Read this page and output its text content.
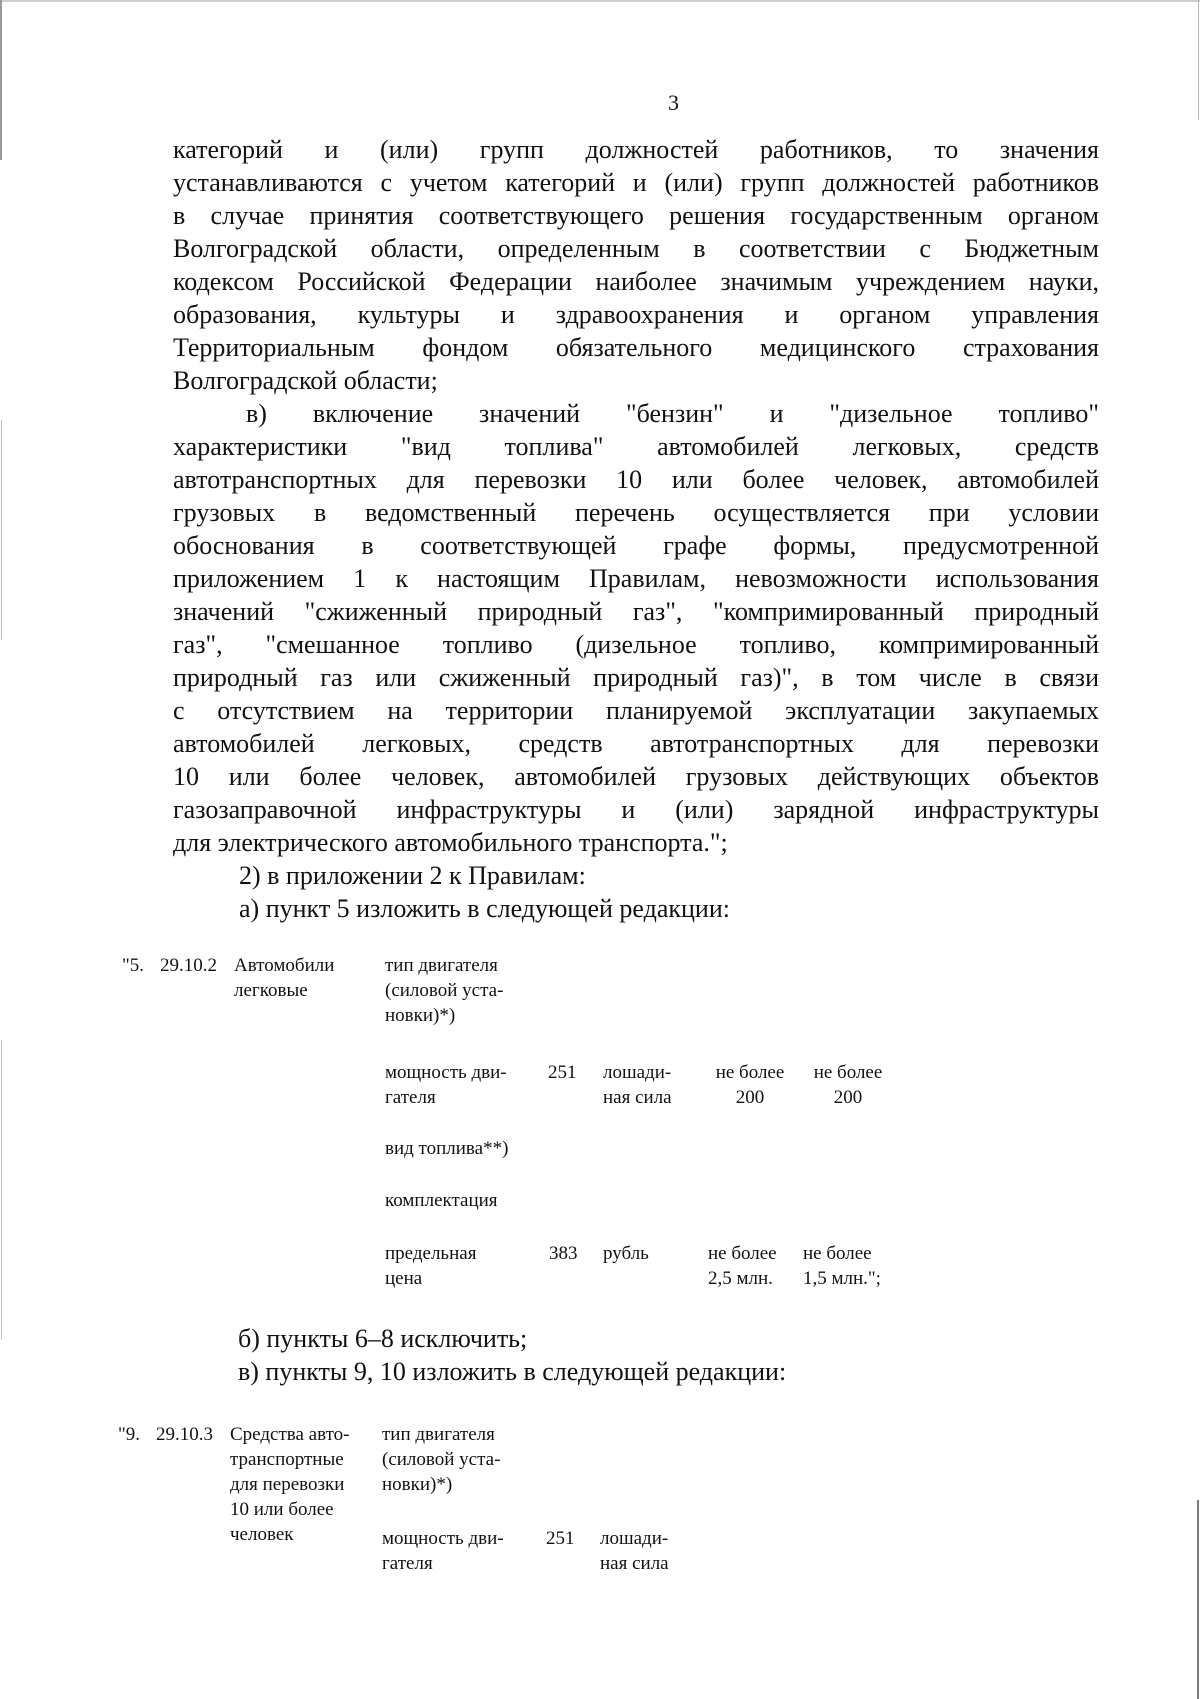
3
категорий и (или) групп должностей работников, то значения
устанавливаются с учетом категорий и (или) групп должностей работников
в случае принятия соответствующего решения государственным органом
Волгоградской области, определенным в соответствии с Бюджетным
кодексом Российской Федерации наиболее значимым учреждением науки,
образования, культуры и здравоохранения и органом управления
Территориальным фондом обязательного медицинского страхования
Волгоградской области;
в) включение значений "бензин" и "дизельное топливо"
характеристики "вид топлива" автомобилей легковых, средств
автотранспортных для перевозки 10 или более человек, автомобилей
грузовых в ведомственный перечень осуществляется при условии
обоснования в соответствующей графе формы, предусмотренной
приложением 1 к настоящим Правилам, невозможности использования
значений "сжиженный природный газ", "компримированный природный
газ", "смешанное топливо (дизельное топливо, компримированный
природный газ или сжиженный природный газ)", в том числе в связи
с отсутствием на территории планируемой эксплуатации закупаемых
автомобилей легковых, средств автотранспортных для перевозки
10 или более человек, автомобилей грузовых действующих объектов
газозаправочной инфраструктуры и (или) зарядной инфраструктуры
для электрического автомобильного транспорта.";
2) в приложении 2 к Правилам:
а) пункт 5 изложить в следующей редакции:
"5. 29.10.2 Автомобили
легковые
тип двигателя
(силовой уста-
новки)*)
мощность дви-
гателя
251 лошади-
ная сила
не более
200
не более
200
вид топлива**)
комплектация
предельная
цена
383 рубль	не более
2,5 млн.
не более
1,5 млн.";
б) пункты 6–8 исключить;
в) пункты 9, 10 изложить в следующей редакции:
"9. 29.10.3 Средства авто-
транспортные
для перевозки
10 или более
человек
тип двигателя
(силовой уста-
новки)*)
мощность дви-
гателя
251 лошади-
ная сила
